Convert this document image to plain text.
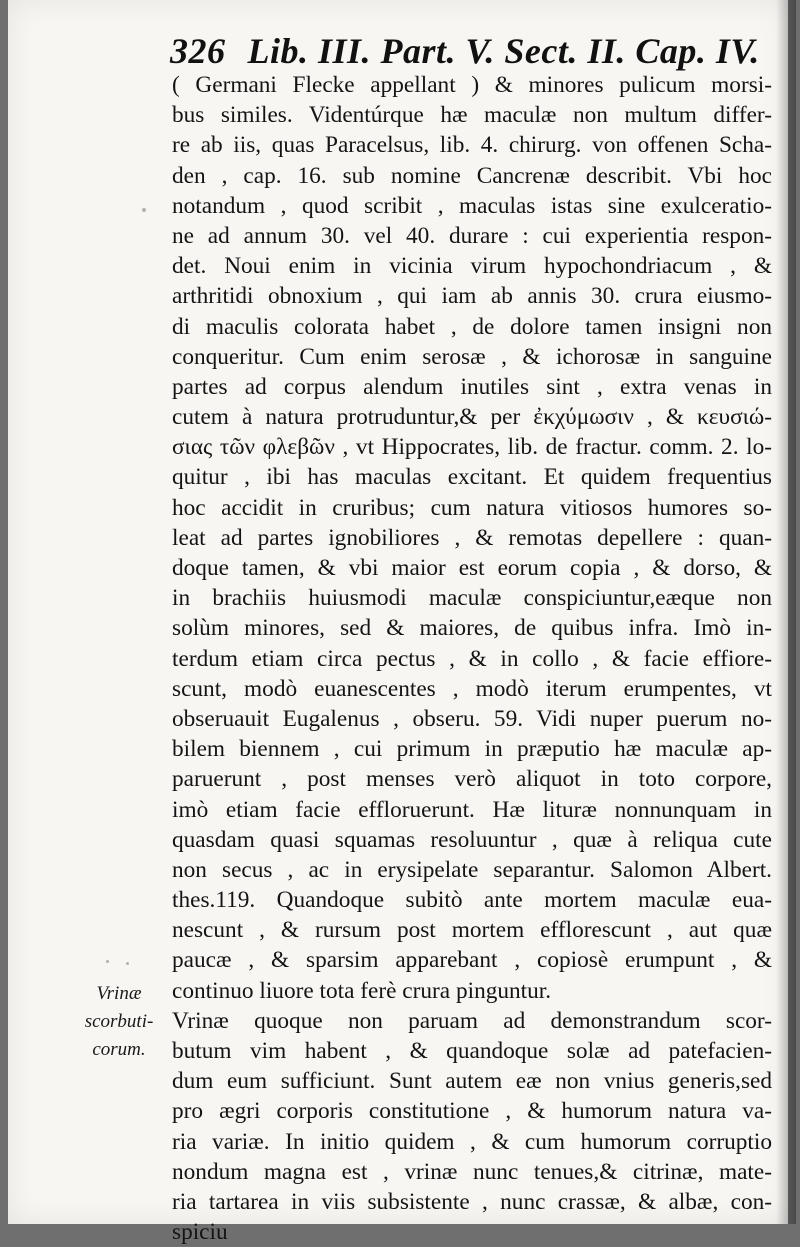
326 Lib. III. Part. V. Sect. II. Cap. IV.
( Germani Flecke appellant ) & minores pulicum morsi-
bus similes. Videntúrque hæ maculæ non multum differ-
re ab iis, quas Paracelsus, lib. 4. chirurg. von offenen Scha-
den , cap. 16. sub nomine Cancrenæ describit. Vbi hoc
notandum , quod scribit , maculas istas sine exulceratio-
ne ad annum 30. vel 40. durare : cui experientia respon-
det. Noui enim in vicinia virum hypochondriacum , &
arthritidi obnoxium , qui iam ab annis 30. crura eiusmo-
di maculis colorata habet , de dolore tamen insigni non
conqueritur. Cum enim serosæ , & ichorosæ in sanguine
partes ad corpus alendum inutiles sint , extra venas in
cutem à natura protruduntur,& per ἐκχύμωσιν , & κευσιώ-
σιας τῶν φλεβῶν , vt Hippocrates, lib. de fractur. comm. 2. lo-
quitur , ibi has maculas excitant. Et quidem frequentius
hoc accidit in cruribus; cum natura vitiosos humores so-
leat ad partes ignobiliores , & remotas depellere : quan-
doque tamen, & vbi maior est eorum copia , & dorso, &
in brachiis huiusmodi maculæ conspiciuntur,eæque non
solùm minores, sed & maiores, de quibus infra. Imò in-
terdum etiam circa pectus , & in collo , & facie effiore-
scunt, modò euanescentes , modò iterum erumpentes, vt
obseruauit Eugalenus , obseru. 59. Vidi nuper puerum no-
bilem biennem , cui primum in præputio hæ maculæ ap-
paruerunt , post menses verò aliquot in toto corpore,
imò etiam facie effloruerunt. Hæ lituræ nonnunquam in
quasdam quasi squamas resoluuntur , quæ à reliqua cute
non secus , ac in erysipelate separantur. Salomon Albert.
thes.119. Quandoque subitò ante mortem maculæ eua-
nescunt , & rursum post mortem efflorescunt , aut quæ
paucæ , & sparsim apparebant , copiosè erumpunt , &
continuo liuore tota ferè crura pinguntur.
Vrinæ quoque non paruam ad demonstrandum scor-
butum vim habent , & quandoque solæ ad patefacien-
dum eum sufficiunt. Sunt autem eæ non vnius generis,sed
pro ægri corporis constitutione , & humorum natura va-
ria variæ. In initio quidem , & cum humorum corruptio
nondum magna est , vrinæ nunc tenues,& citrinæ, mate-
ria tartarea in viis subsistente , nunc crassæ, & albæ, con-
spiciu
Vrinæ
scorbuti-
corum.
